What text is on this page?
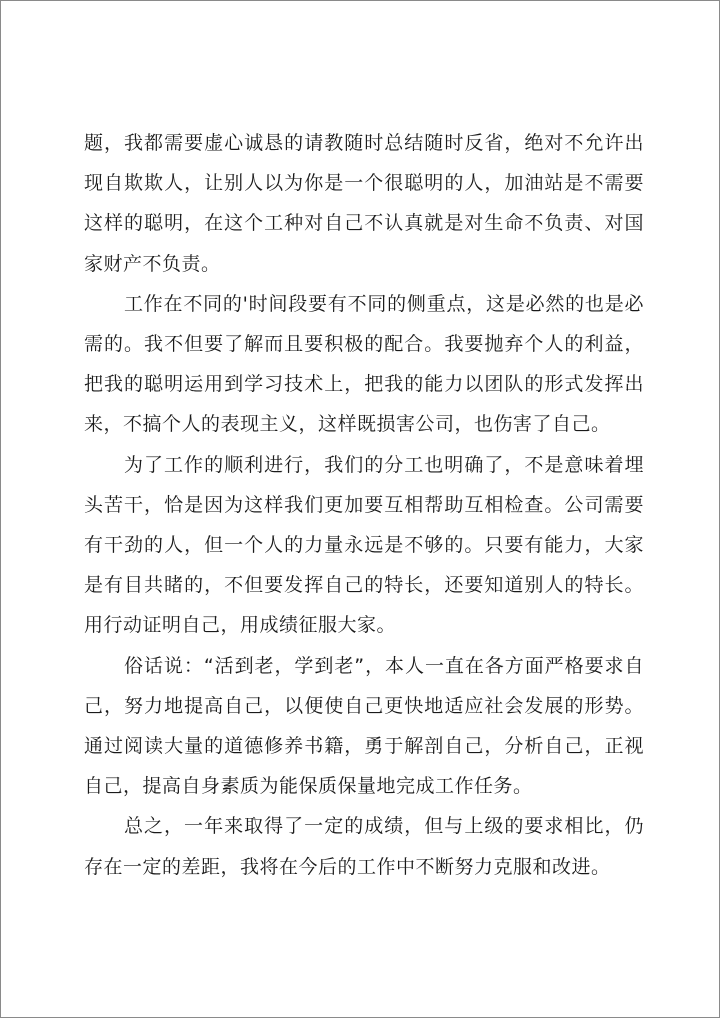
题，我都需要虚心诚恳的请教随时总结随时反省，绝对不允许出现自欺欺人，让别人以为你是一个很聪明的人，加油站是不需要这样的聪明，在这个工种对自己不认真就是对生命不负责、对国家财产不负责。

工作在不同的'时间段要有不同的侧重点，这是必然的也是必需的。我不但要了解而且要积极的配合。我要抛弃个人的利益，把我的聪明运用到学习技术上，把我的能力以团队的形式发挥出来，不搞个人的表现主义，这样既损害公司，也伤害了自己。

为了工作的顺利进行，我们的分工也明确了，不是意味着埋头苦干，恰是因为这样我们更加要互相帮助互相检查。公司需要有干劲的人，但一个人的力量永远是不够的。只要有能力，大家是有目共睹的，不但要发挥自己的特长，还要知道别人的特长。用行动证明自己，用成绩征服大家。

俗话说：“活到老，学到老”，本人一直在各方面严格要求自己，努力地提高自己，以便使自己更快地适应社会发展的形势。通过阅读大量的道德修养书籍，勇于解剖自己，分析自己，正视自己，提高自身素质为能保质保量地完成工作任务。

总之，一年来取得了一定的成绩，但与上级的要求相比，仍存在一定的差距，我将在今后的工作中不断努力克服和改进。
